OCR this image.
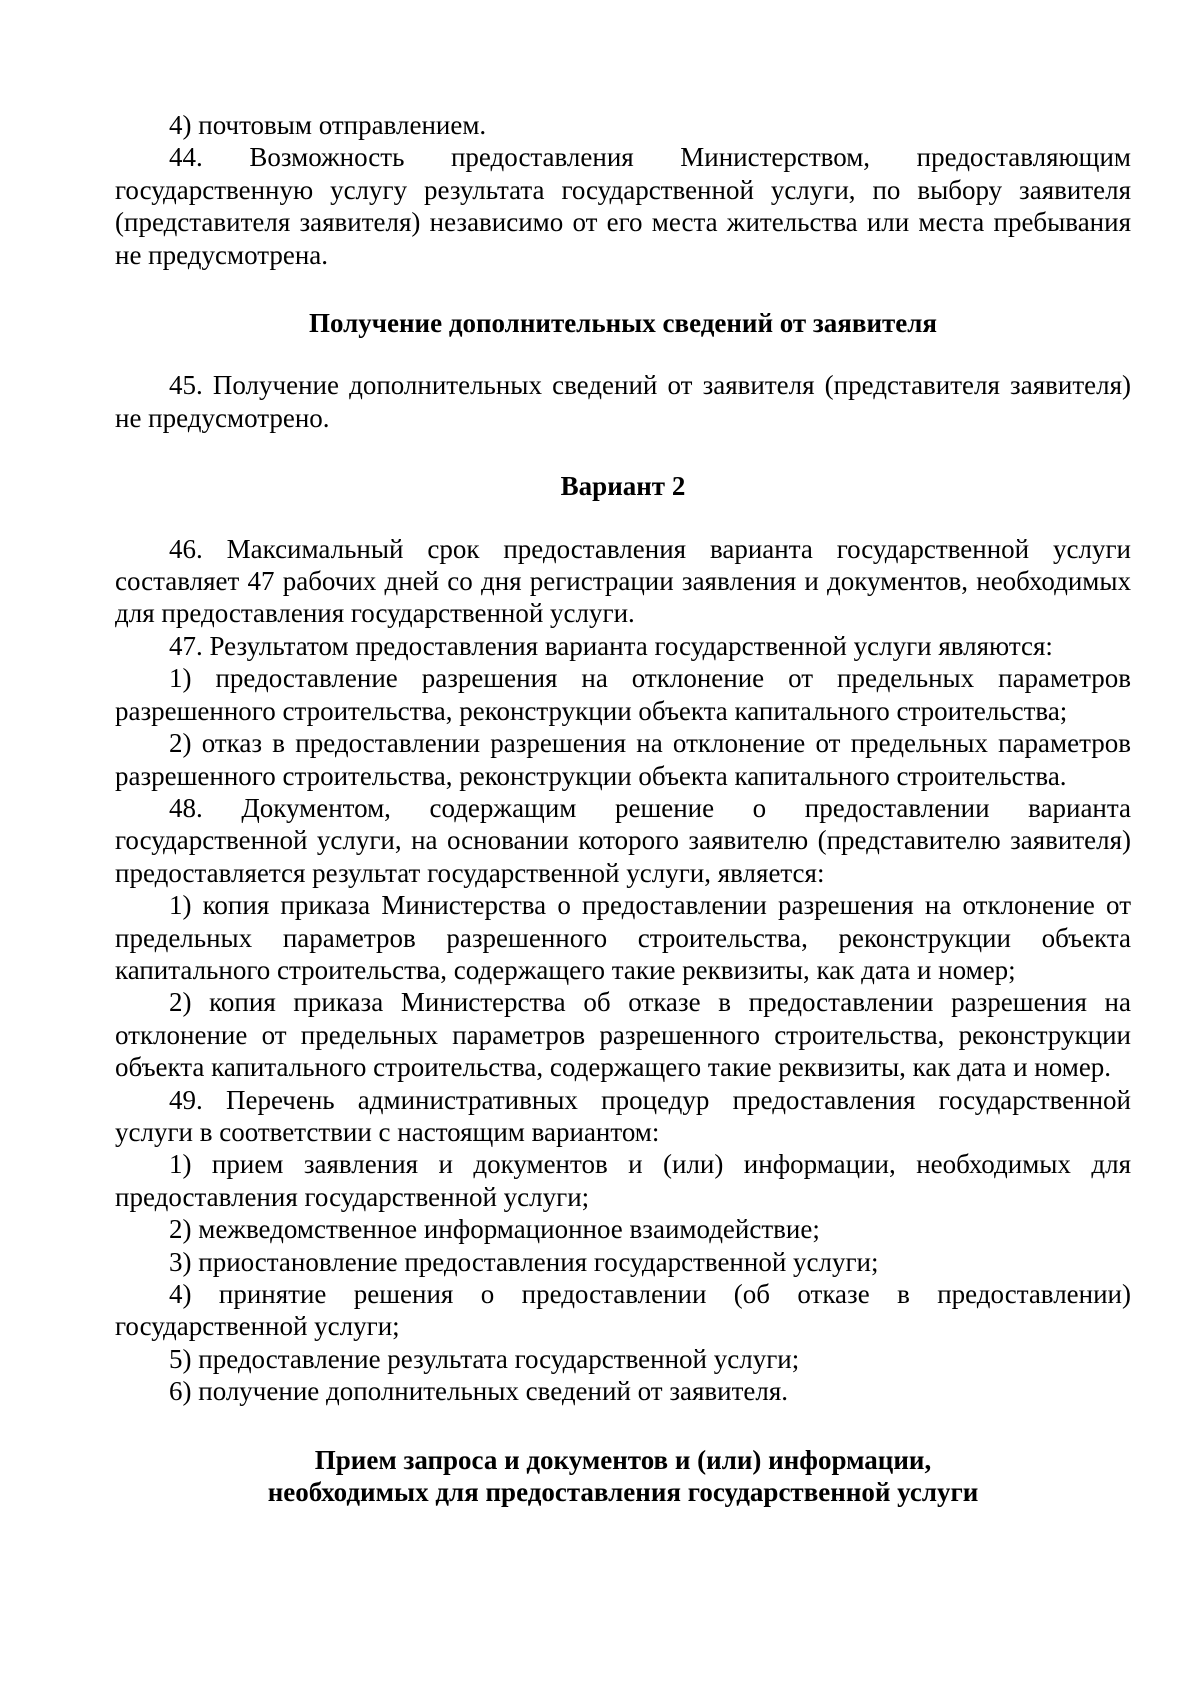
4) почтовым отправлением.

44. Возможность предоставления Министерством, предоставляющим государственную услугу результата государственной услуги, по выбору заявителя (представителя заявителя) независимо от его места жительства или места пребывания не предусмотрена.

Получение дополнительных сведений от заявителя

45. Получение дополнительных сведений от заявителя (представителя заявителя) не предусмотрено.

Вариант 2

46. Максимальный срок предоставления варианта государственной услуги составляет 47 рабочих дней со дня регистрации заявления и документов, необходимых для предоставления государственной услуги.

47. Результатом предоставления варианта государственной услуги являются:

1) предоставление разрешения на отклонение от предельных параметров разрешенного строительства, реконструкции объекта капитального строительства;

2) отказ в предоставлении разрешения на отклонение от предельных параметров разрешенного строительства, реконструкции объекта капитального строительства.

48. Документом, содержащим решение о предоставлении варианта государственной услуги, на основании которого заявителю (представителю заявителя) предоставляется результат государственной услуги, является:

1) копия приказа Министерства о предоставлении разрешения на отклонение от предельных параметров разрешенного строительства, реконструкции объекта капитального строительства, содержащего такие реквизиты, как дата и номер;

2) копия приказа Министерства об отказе в предоставлении разрешения на отклонение от предельных параметров разрешенного строительства, реконструкции объекта капитального строительства, содержащего такие реквизиты, как дата и номер.

49. Перечень административных процедур предоставления государственной услуги в соответствии с настоящим вариантом:

1) прием заявления и документов и (или) информации, необходимых для предоставления государственной услуги;

2) межведомственное информационное взаимодействие;

3) приостановление предоставления государственной услуги;

4) принятие решения о предоставлении (об отказе в предоставлении) государственной услуги;

5) предоставление результата государственной услуги;

6) получение дополнительных сведений от заявителя.

Прием запроса и документов и (или) информации,
необходимых для предоставления государственной услуги
